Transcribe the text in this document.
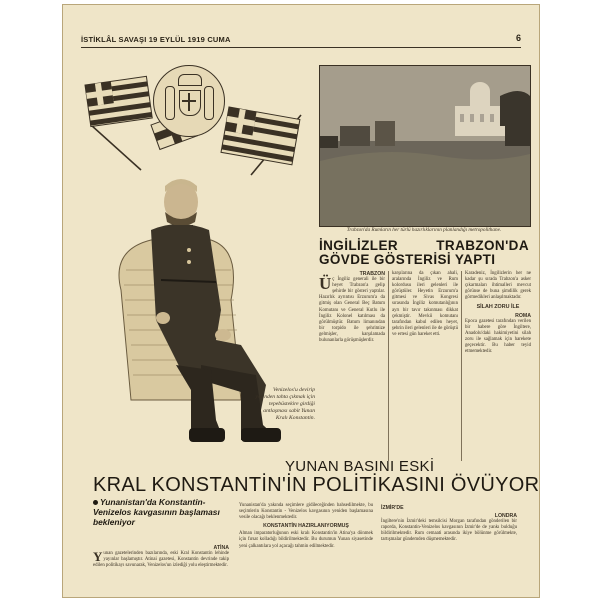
İSTİKLÂL SAVAŞI 19 EYLÜL 1919 CUMA	6
Venizelos'u devirip yerinden tahta çıkmak için tepebüstekire girdiği antlaşması sabit Yunan Kralı Konstantin.
Trabzon'da Rumların her türlü hazırlıklarının planlandığı metropolithane.
İNGİLİZLER TRABZON'DA GÖVDE GÖSTERİSİ YAPTI
TRABZON
Ü ç İngiliz generali ile bir heyet Trabzon'a gelip şehirde bir gösteri yaptılar. Hazırlık ayrıntısı Erzurum'a da gitmiş olan General Beç Batum Komutanı ve General Kutlu ile İngiliz Kolonel katılması da görülmüştür. Batum limanından bir torpido ile şehrimize gelmişler, karşılamada bulunanlarla görüşmüşlerdir.
karşılarına da çıkan ahali, aralarında İngiliz ve Rum kolordusu ileri gelenleri ile görüştüler. Heyetin Erzurum'a gitmesi ve Sivas Kongresi sırasında İngiliz komutanlığının ayrı bir tavır takınması dikkat çekmiştir. Mevkii komutanı tarafından kabul edilen heyet, şehrin ileri gelenleri ile de görüştü ve ertesi gün hareket etti.
Karadeniz, İngilizlerin her ne kadar şu sırada Trabzon'a asker çıkarmaları ihtimalleri mevcut görünse de buna şimdilik gerek görmedikleri anlaşılmaktadır.
SİLAH ZORU İLE
ROMA
Epoca gazetesi tarafından verilen bir habere göre İngiltere, Anadolu'daki hakimiyetini silah zoru ile sağlamak için harekete geçecektir. Bu haber teyid etmemektedir.
YUNAN BASINI ESKİ
KRAL KONSTANTİN'İN POLİTİKASINI ÖVÜYOR
Yunanistan'da Konstantin-Venizelos kavgasının başlaması bekleniyor
ATİNA
Y unan gazetelerinden bazılarında, eski Kral Konstantin lehinde yayınlar başlamıştır. Atinai gazetesi, Konstantin devrinde takip edilen politikayı savunarak, Venizelos'un izlediği yolu eleştirmektedir.
Yunanistan'da yakında seçimlere gidileceğinden bahsedilmekte, bu seçimlerin Konstantin - Venizelos kavgasının yeniden başlamasına vesile olacağı beklenmektedir.
KONSTANTİN HAZIRLANIYORMUŞ
Alman imparatorluğunun eski kralı Konstantin'in Atina'ya dönmek için fırsat kolladığı bildirilmektedir. Bu durumun Yunan siyasetinde yeni çalkantılara yol açacağı tahmin edilmektedir.
İZMİR'DE
LONDRA
İngiltere'nin İzmir'deki temsilcisi Morgan tarafından gönderilen bir raporda, Konstantin-Venizelos kavgasının İzmir'de de yankı bulduğu bildirilmektedir. Rum cemaati arasında ikiye bölünme görülmekte, tartışmalar gündemden düşmemektedir.
